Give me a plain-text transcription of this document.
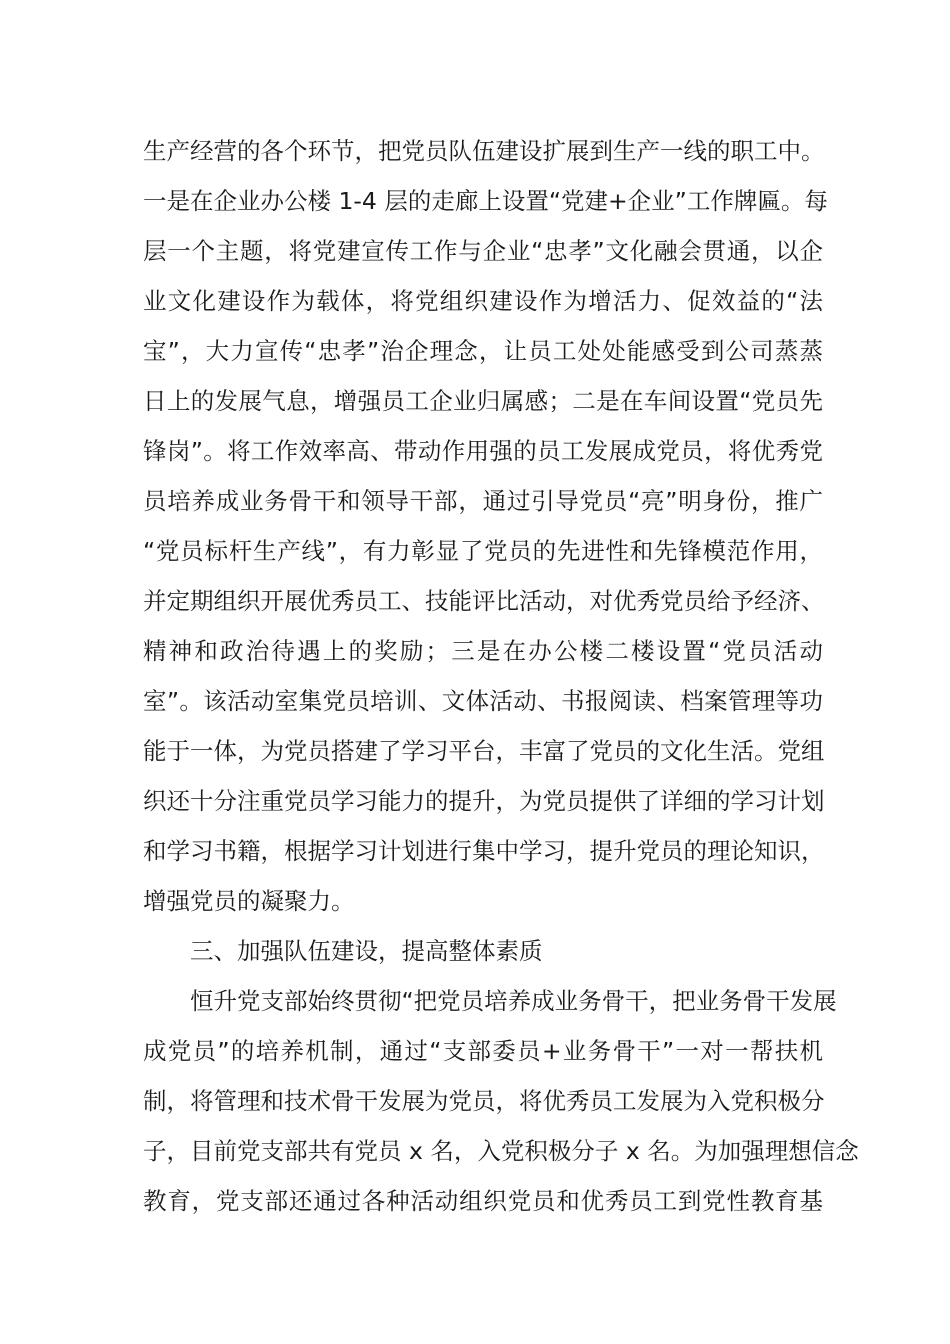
生产经营的各个环节，把党员队伍建设扩展到生产一线的职工中。
一是在企业办公楼 1-4 层的走廊上设置“党建+企业”工作牌匾。每
层一个主题，将党建宣传工作与企业“忠孝”文化融会贯通，以企
业文化建设作为载体，将党组织建设作为增活力、促效益的“法
宝”，大力宣传“忠孝”治企理念，让员工处处能感受到公司蒸蒸
日上的发展气息，增强员工企业归属感；二是在车间设置“党员先
锋岗”。将工作效率高、带动作用强的员工发展成党员，将优秀党
员培养成业务骨干和领导干部，通过引导党员“亮”明身份，推广
“党员标杆生产线”，有力彰显了党员的先进性和先锋模范作用，
并定期组织开展优秀员工、技能评比活动，对优秀党员给予经济、
精神和政治待遇上的奖励；三是在办公楼二楼设置“党员活动
室”。该活动室集党员培训、文体活动、书报阅读、档案管理等功
能于一体，为党员搭建了学习平台，丰富了党员的文化生活。党组
织还十分注重党员学习能力的提升，为党员提供了详细的学习计划
和学习书籍，根据学习计划进行集中学习，提升党员的理论知识，
增强党员的凝聚力。
三、加强队伍建设，提高整体素质
恒升党支部始终贯彻“把党员培养成业务骨干，把业务骨干发展
成党员”的培养机制，通过“支部委员+业务骨干”一对一帮扶机
制，将管理和技术骨干发展为党员，将优秀员工发展为入党积极分
子，目前党支部共有党员 x 名，入党积极分子 x 名。为加强理想信念
教育，党支部还通过各种活动组织党员和优秀员工到党性教育基
